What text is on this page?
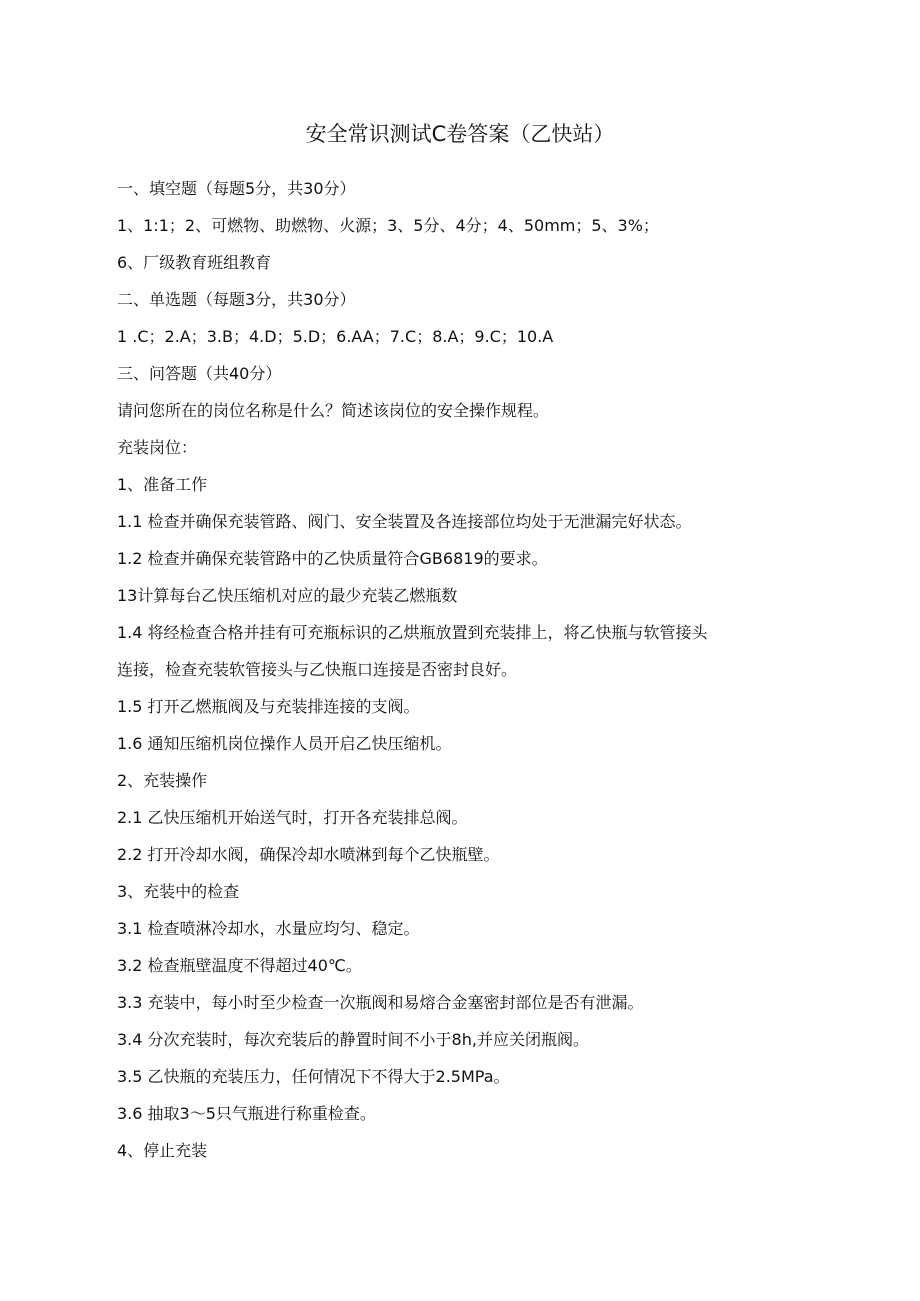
安全常识测试C卷答案（乙快站）
一、填空题（每题5分，共30分）
1、1:1；2、可燃物、助燃物、火源；3、5分、4分；4、50mm；5、3%；
6、厂级教育班组教育
二、单选题（每题3分，共30分）
1 .C；2.A；3.B；4.D；5.D；6.AA；7.C；8.A；9.C；10.A
三、问答题（共40分）
请问您所在的岗位名称是什么？简述该岗位的安全操作规程。
充装岗位：
1、准备工作
1.1 检查并确保充装管路、阀门、安全装置及各连接部位均处于无泄漏完好状态。
1.2 检查并确保充装管路中的乙快质量符合GB6819的要求。
13计算每台乙快压缩机对应的最少充装乙燃瓶数
1.4 将经检查合格并挂有可充瓶标识的乙烘瓶放置到充装排上，将乙快瓶与软管接头
连接，检查充装软管接头与乙快瓶口连接是否密封良好。
1.5 打开乙燃瓶阀及与充装排连接的支阀。
1.6 通知压缩机岗位操作人员开启乙快压缩机。
2、充装操作
2.1 乙快压缩机开始送气时，打开各充装排总阀。
2.2 打开冷却水阀，确保冷却水喷淋到每个乙快瓶壁。
3、充装中的检查
3.1 检查喷淋冷却水，水量应均匀、稳定。
3.2 检查瓶壁温度不得超过40℃。
3.3 充装中，每小时至少检查一次瓶阀和易熔合金塞密封部位是否有泄漏。
3.4 分次充装时，每次充装后的静置时间不小于8h,并应关闭瓶阀。
3.5 乙快瓶的充装压力，任何情况下不得大于2.5MPa。
3.6 抽取3～5只气瓶进行称重检查。
4、停止充装
